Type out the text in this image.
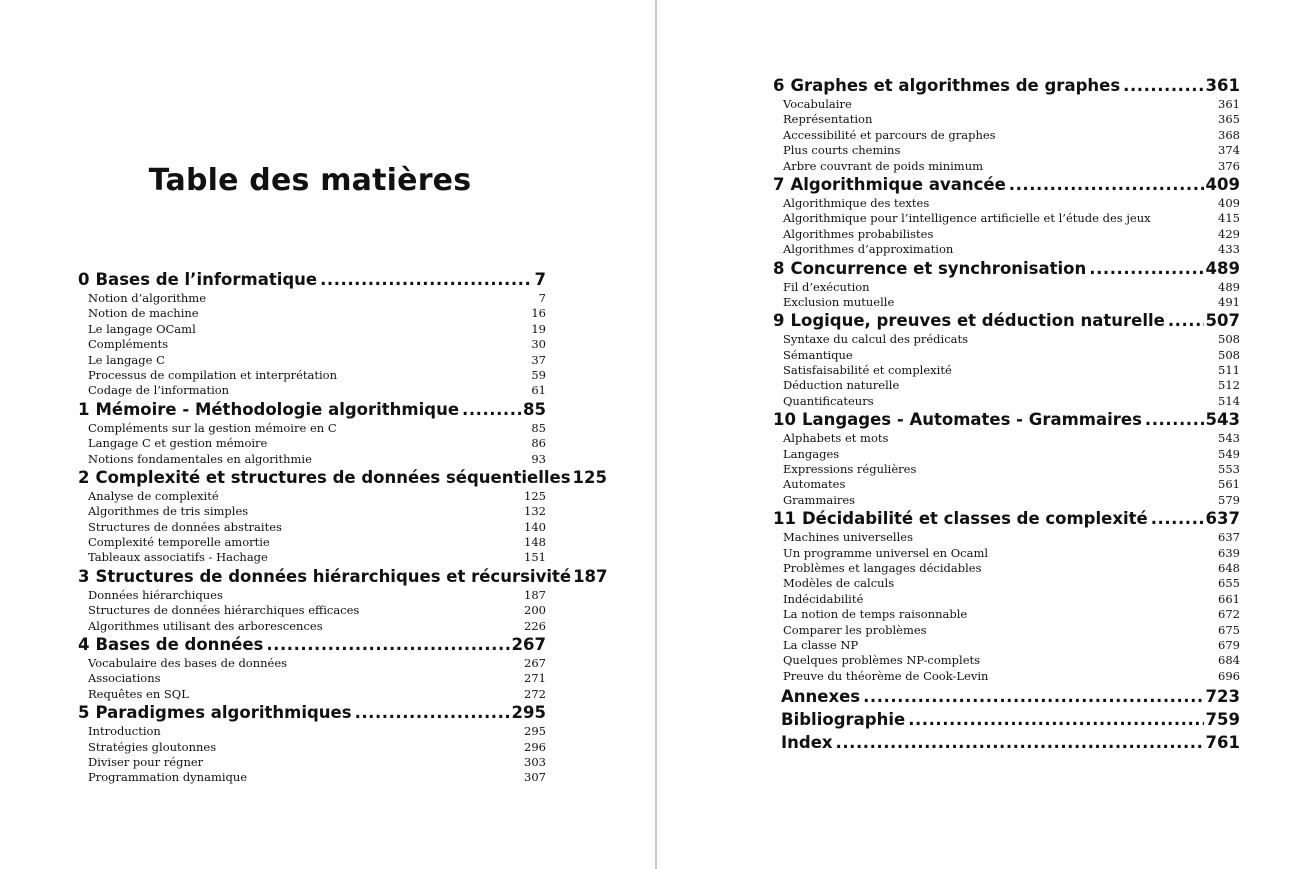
Table des matières
0 Bases de l’informatique . . .	7
Notion d’algorithme	7
Notion de machine	16
Le langage OCaml	19
Compléments	30
Le langage C	37
Processus de compilation et interprétation	59
Codage de l’information	61
1 Mémoire - Méthodologie algorithmique . . .	85
Compléments sur la gestion mémoire en C	85
Langage C et gestion mémoire	86
Notions fondamentales en algorithmie	93
2 Complexité et structures de données séquentielles 125
Analyse de complexité	125
Algorithmes de tris simples	132
Structures de données abstraites	140
Complexité temporelle amortie	148
Tableaux associatifs - Hachage	151
3 Structures de données hiérarchiques et récursivité 187
Données hiérarchiques	187
Structures de données hiérarchiques efficaces	200
Algorithmes utilisant des arborescences	226
4 Bases de données . . .	267
Vocabulaire des bases de données	267
Associations	271
Requêtes en SQL	272
5 Paradigmes algorithmiques . . .	295
Introduction	295
Stratégies gloutonnes	296
Diviser pour régner	303
Programmation dynamique	307
6 Graphes et algorithmes de graphes . . .	361
Vocabulaire	361
Représentation	365
Accessibilité et parcours de graphes	368
Plus courts chemins	374
Arbre couvrant de poids minimum	376
7 Algorithmique avancée . . .	409
Algorithmique des textes	409
Algorithmique pour l’intelligence artificielle et l’étude des jeux	415
Algorithmes probabilistes	429
Algorithmes d’approximation	433
8 Concurrence et synchronisation . . .	489
Fil d’exécution	489
Exclusion mutuelle	491
9 Logique, preuves et déduction naturelle . . . 507
Syntaxe du calcul des prédicats	508
Sémantique	508
Satisfaisabilité et complexité	511
Déduction naturelle	512
Quantificateurs	514
10 Langages - Automates - Grammaires . . .	543
Alphabets et mots	543
Langages	549
Expressions régulières	553
Automates	561
Grammaires	579
11 Décidabilité et classes de complexité . . .	637
Machines universelles	637
Un programme universel en Ocaml	639
Problèmes et langages décidables	648
Modèles de calculs	655
Indécidabilité	661
La notion de temps raisonnable	672
Comparer les problèmes	675
La classe NP	679
Quelques problèmes NP-complets	684
Preuve du théorème de Cook-Levin	696
Annexes . . .	723
Bibliographie . . .	759
Index . . .	761
